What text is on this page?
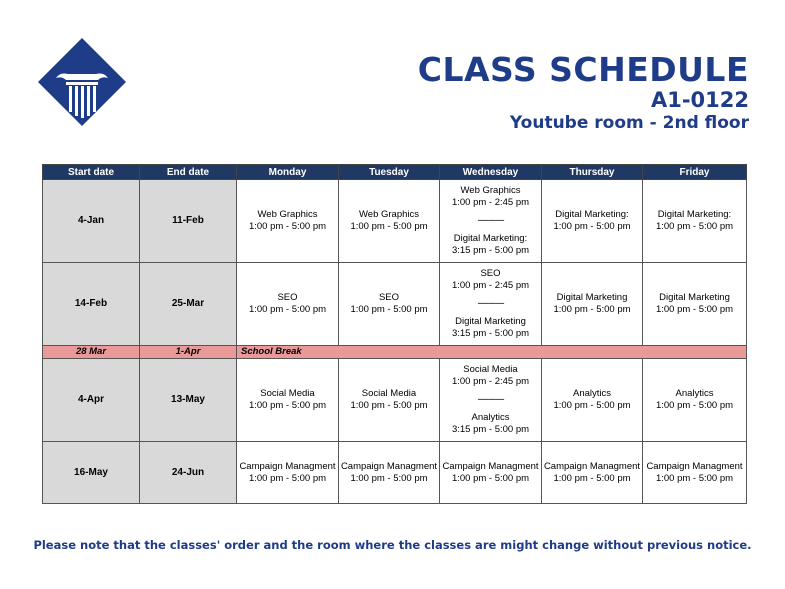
CLASS SCHEDULE
A1-0122
Youtube room - 2nd floor
Start date	End date	Monday	Tuesday	Wednesday	Thursday	Friday
4-Jan	11-Feb	Web Graphics
1:00 pm - 5:00 pm	Web Graphics
1:00 pm - 5:00 pm	Web Graphics
1:00 pm - 2:45 pm
------------
Digital Marketing:
3:15 pm - 5:00 pm	Digital Marketing:
1:00 pm - 5:00 pm	Digital Marketing:
1:00 pm - 5:00 pm

14-Feb	25-Mar	SEO
1:00 pm - 5:00 pm	SEO
1:00 pm - 5:00 pm	SEO
1:00 pm - 2:45 pm
------------
Digital Marketing
3:15 pm - 5:00 pm	Digital Marketing
1:00 pm - 5:00 pm	Digital Marketing
1:00 pm - 5:00 pm

28 Mar	1-Apr	School Break				
4-Apr	13-May	Social Media
1:00 pm - 5:00 pm	Social Media
1:00 pm - 5:00 pm	Social Media
1:00 pm - 2:45 pm
------------
Analytics
3:15 pm - 5:00 pm	Analytics
1:00 pm - 5:00 pm	Analytics
1:00 pm - 5:00 pm

16-May	24-Jun	Campaign Managment
1:00 pm - 5:00 pm	Campaign Managment
1:00 pm - 5:00 pm	Campaign Managment
1:00 pm - 5:00 pm	Campaign Managment
1:00 pm - 5:00 pm	Campaign Managment
1:00 pm - 5:00 pm
Please note that the classes' order and the room where the classes are might change without previous notice.
